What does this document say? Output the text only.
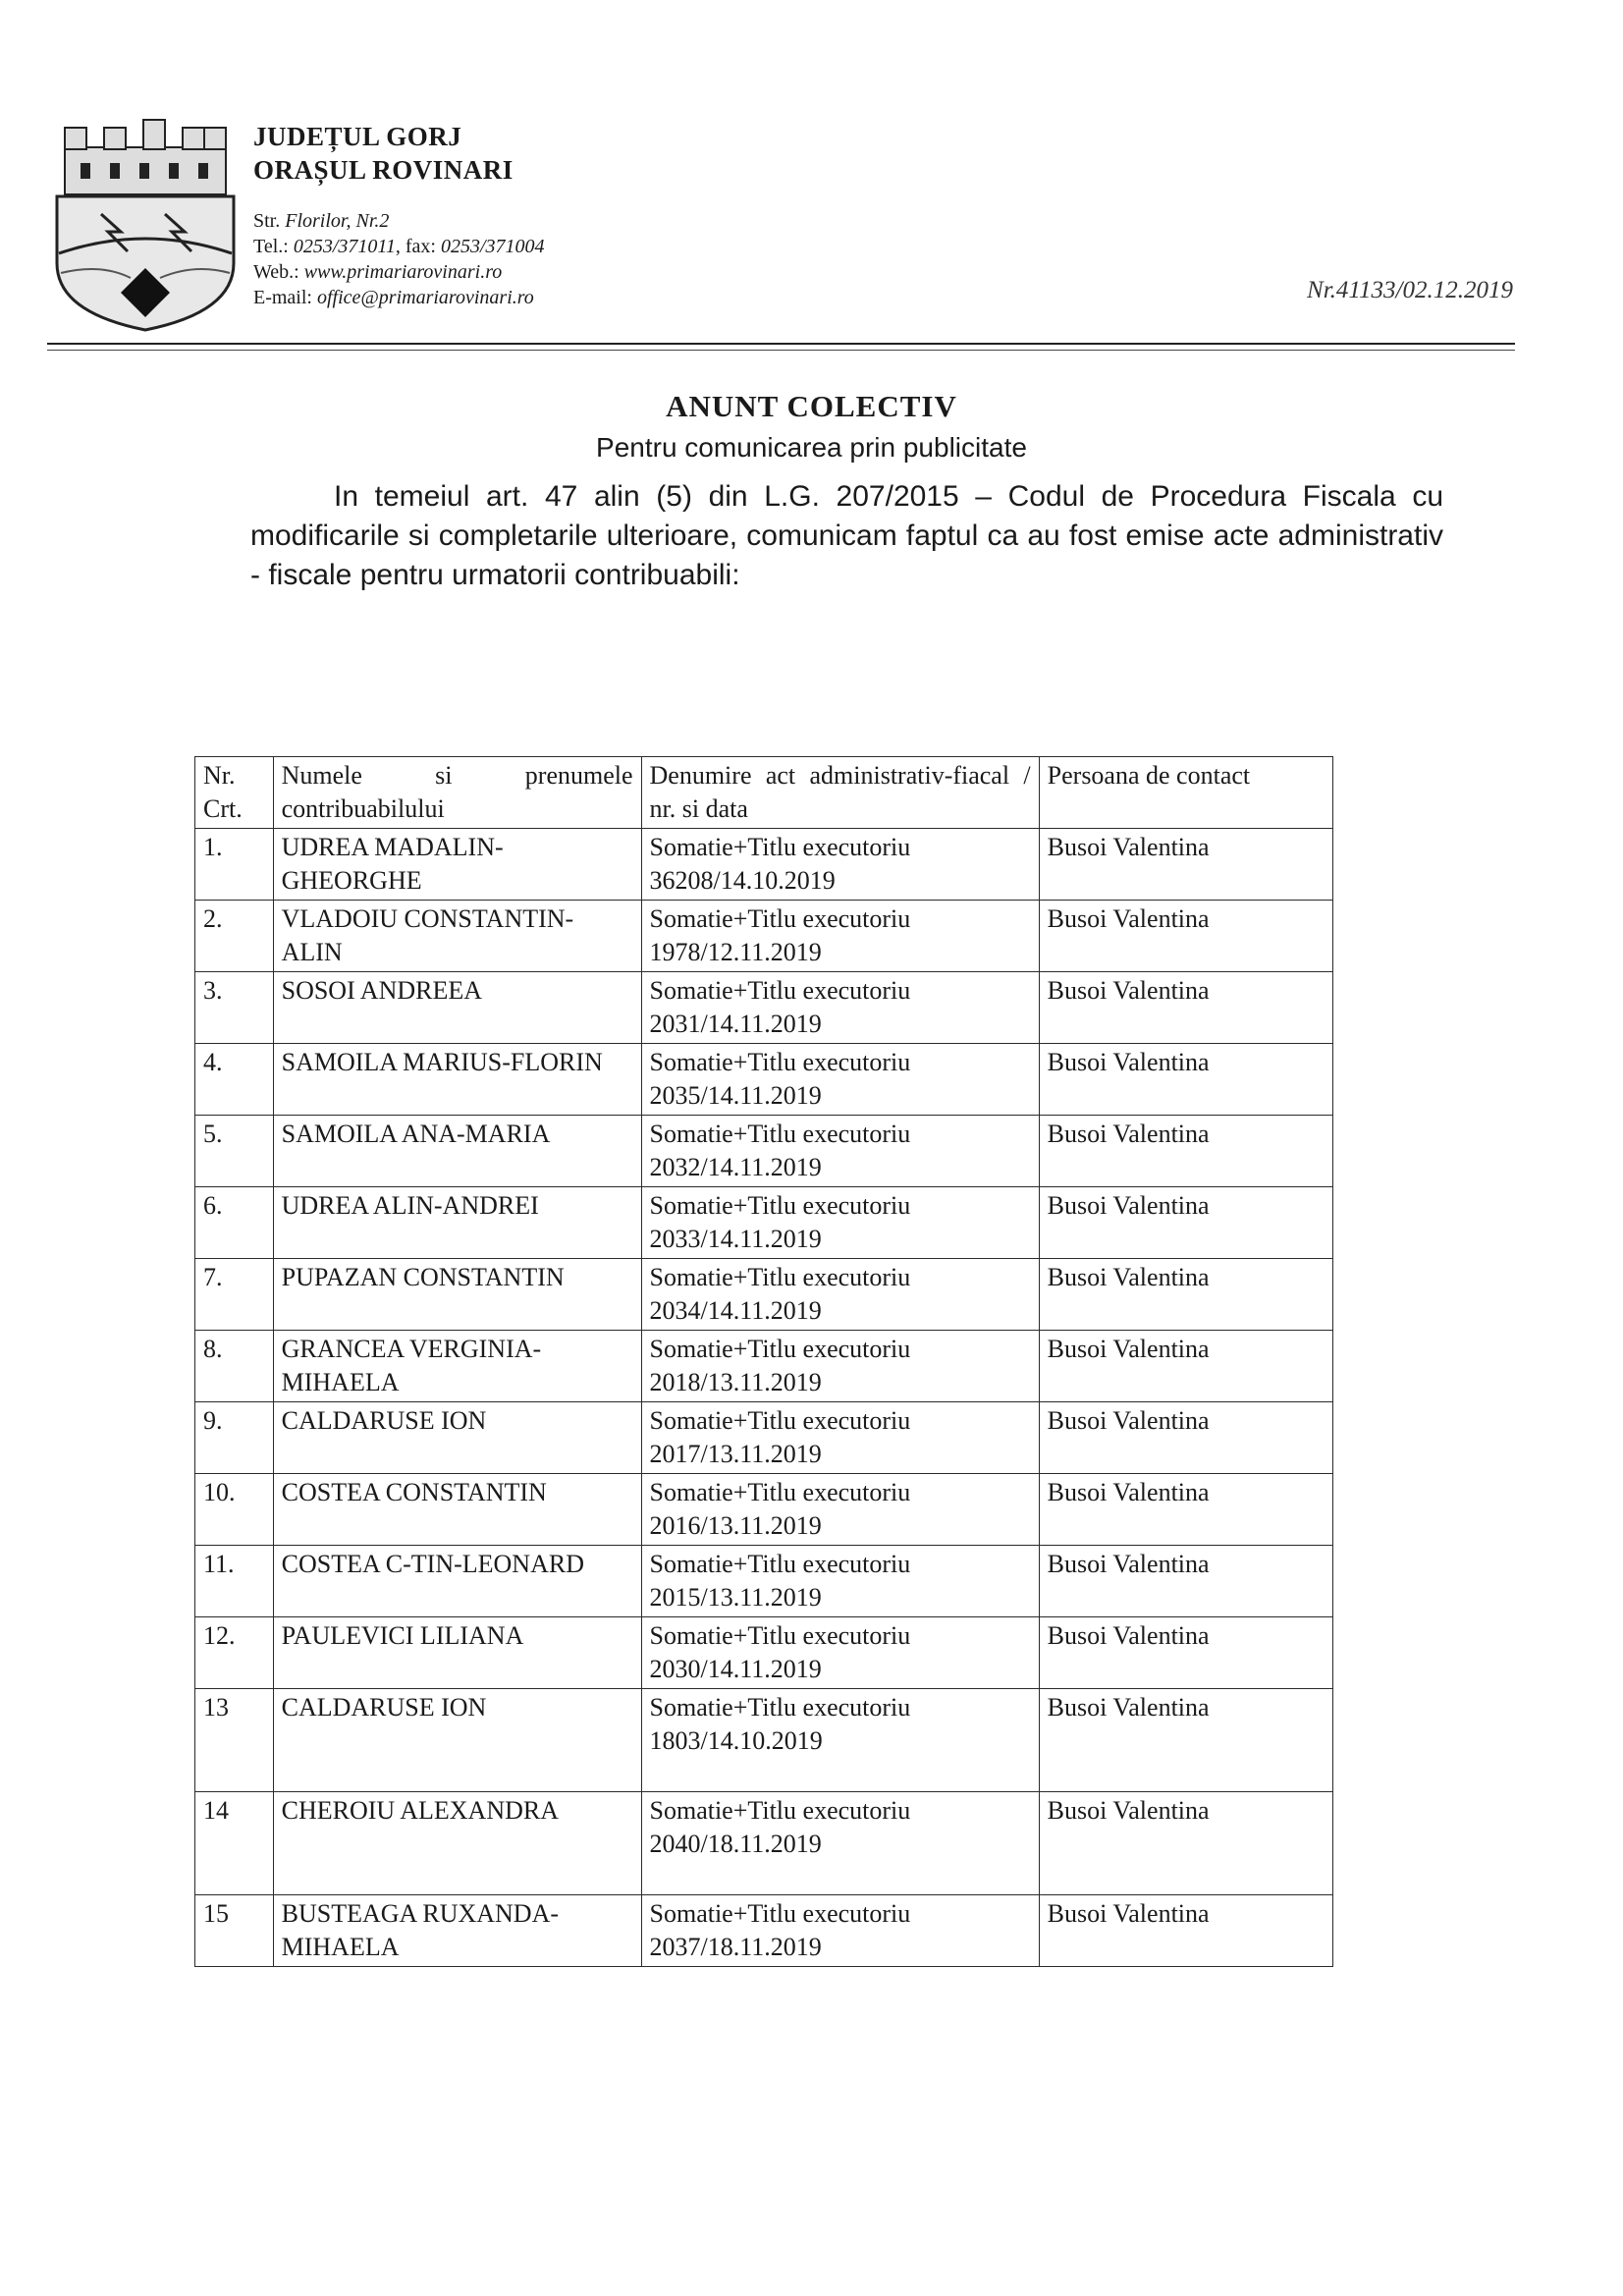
JUDEȚUL GORJ
ORAȘUL ROVINARI
Str. Florilor, Nr.2
Tel.: 0253/371011, fax: 0253/371004
Web.: www.primariarovinari.ro
E-mail: office@primariarovinari.ro	Nr.41133/02.12.2019
ANUNT COLECTIV
Pentru comunicarea prin publicitate
In temeiul art. 47 alin (5) din L.G. 207/2015 – Codul de Procedura Fiscala cu modificarile si completarile ulterioare, comunicam faptul ca au fost emise acte administrativ - fiscale pentru urmatorii contribuabili:
Nr. Crt.	Numele si prenumele contribuabilului	Denumire act administrativ-fiacal / nr. si data	Persoana de contact
1.	UDREA MADALIN-GHEORGHE	Somatie+Titlu executoriu 36208/14.10.2019	Busoi Valentina
2.	VLADOIU CONSTANTIN-ALIN	Somatie+Titlu executoriu 1978/12.11.2019	Busoi Valentina
3.	SOSOI ANDREEA	Somatie+Titlu executoriu 2031/14.11.2019	Busoi Valentina
4.	SAMOILA MARIUS-FLORIN	Somatie+Titlu executoriu 2035/14.11.2019	Busoi Valentina
5.	SAMOILA ANA-MARIA	Somatie+Titlu executoriu 2032/14.11.2019	Busoi Valentina
6.	UDREA ALIN-ANDREI	Somatie+Titlu executoriu 2033/14.11.2019	Busoi Valentina
7.	PUPAZAN CONSTANTIN	Somatie+Titlu executoriu 2034/14.11.2019	Busoi Valentina
8.	GRANCEA VERGINIA-MIHAELA	Somatie+Titlu executoriu 2018/13.11.2019	Busoi Valentina
9.	CALDARUSE ION	Somatie+Titlu executoriu 2017/13.11.2019	Busoi Valentina
10.	COSTEA CONSTANTIN	Somatie+Titlu executoriu 2016/13.11.2019	Busoi Valentina
11.	COSTEA C-TIN-LEONARD	Somatie+Titlu executoriu 2015/13.11.2019	Busoi Valentina
12.	PAULEVICI LILIANA	Somatie+Titlu executoriu 2030/14.11.2019	Busoi Valentina
13	CALDARUSE ION	Somatie+Titlu executoriu 1803/14.10.2019	Busoi Valentina
14	CHEROIU ALEXANDRA	Somatie+Titlu executoriu 2040/18.11.2019	Busoi Valentina
15	BUSTEAGA RUXANDA-MIHAELA	Somatie+Titlu executoriu 2037/18.11.2019	Busoi Valentina
